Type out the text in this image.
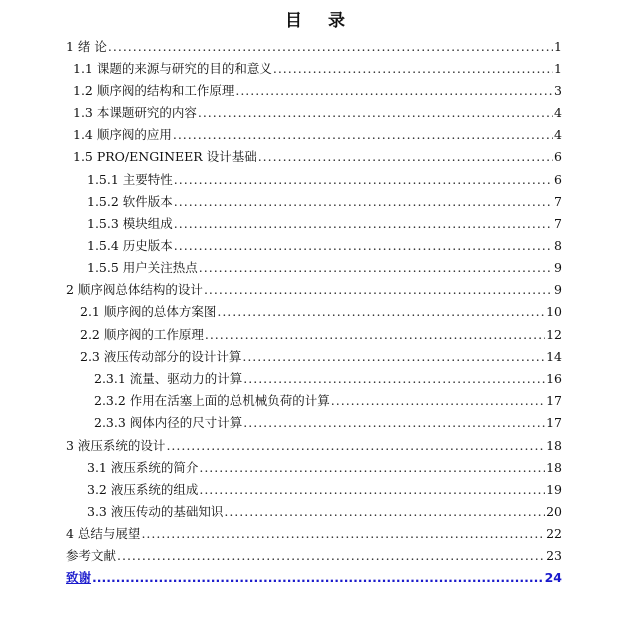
目 录
1 绪 论 .....	1
1.1 课题的来源与研究的目的和意义 .....	1
1.2 顺序阀的结构和工作原理 .....	3
1.3 本课题研究的内容 .....	4
1.4 顺序阀的应用 .....	4
1.5 PRO/ENGINEER 设计基础 .....	6
1.5.1 主要特性 .....	6
1.5.2 软件版本 .....	7
1.5.3 模块组成 .....	7
1.5.4 历史版本 .....	8
1.5.5 用户关注热点 .....	9
2 顺序阀总体结构的设计 .....	9
2.1 顺序阀的总体方案图 .....	10
2.2 顺序阀的工作原理 .....	12
2.3 液压传动部分的设计计算 .....	14
2.3.1 流量、驱动力的计算 .....	16
2.3.2 作用在活塞上面的总机械负荷的计算 .....	17
2.3.3 阀体内径的尺寸计算 .....	17
3 液压系统的设计 .....	18
3.1 液压系统的简介 .....	18
3.2 液压系统的组成 .....	19
3.3 液压传动的基础知识 .....	20
4 总结与展望 .....	22
参考文献 .....	23
致谢 .....	24
